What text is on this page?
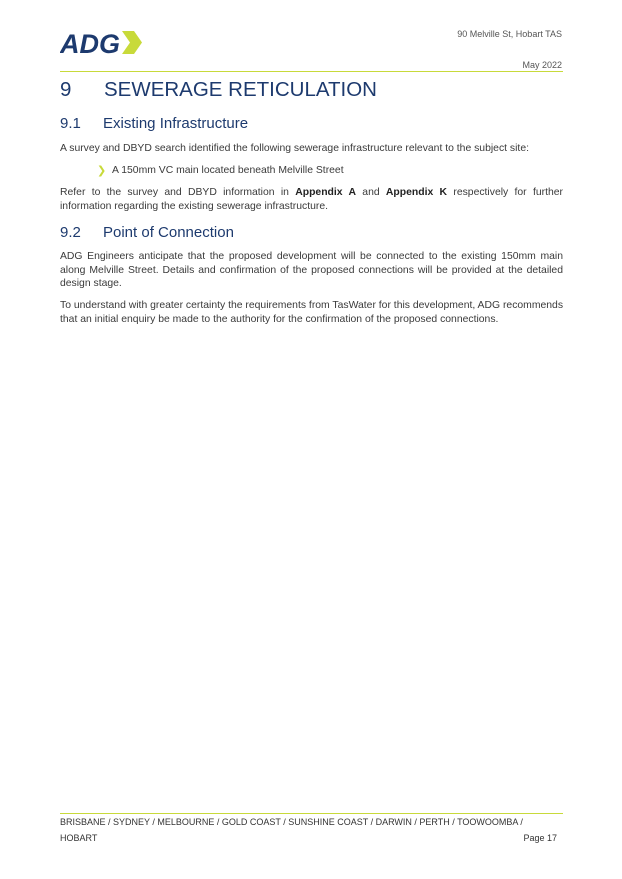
ADG	90 Melville St, Hobart TAS
May 2022
9	SEWERAGE RETICULATION
9.1	Existing Infrastructure
A survey and DBYD search identified the following sewerage infrastructure relevant to the subject site:
❯ A 150mm VC main located beneath Melville Street
Refer to the survey and DBYD information in Appendix A and Appendix K respectively for further information regarding the existing sewerage infrastructure.
9.2	Point of Connection
ADG Engineers anticipate that the proposed development will be connected to the existing 150mm main along Melville Street. Details and confirmation of the proposed connections will be provided at the detailed design stage.
To understand with greater certainty the requirements from TasWater for this development, ADG recommends that an initial enquiry be made to the authority for the confirmation of the proposed connections.
BRISBANE / SYDNEY / MELBOURNE / GOLD COAST / SUNSHINE COAST / DARWIN / PERTH / TOOWOOMBA /
HOBART	Page 17
